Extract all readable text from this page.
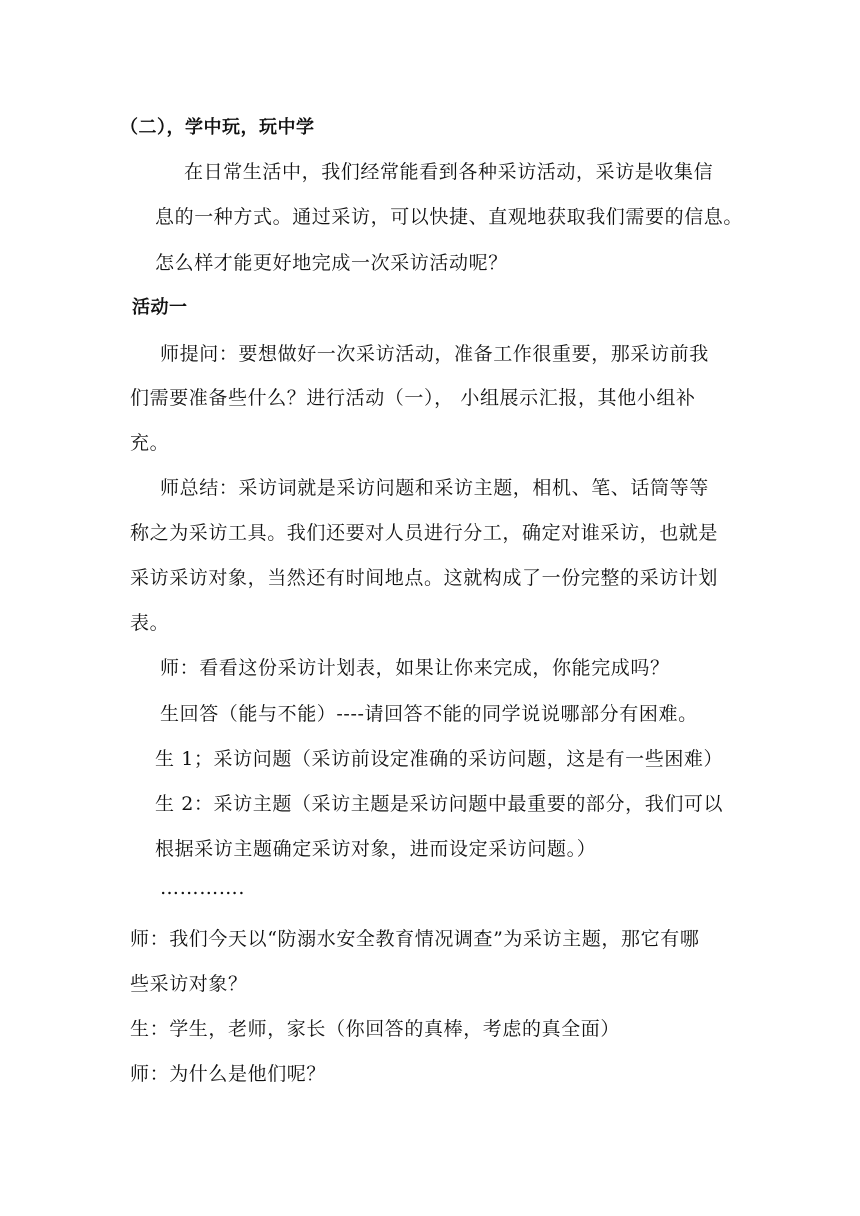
（二），学中玩，玩中学
在日常生活中，我们经常能看到各种采访活动，采访是收集信
息的一种方式。通过采访，可以快捷、直观地获取我们需要的信息。
怎么样才能更好地完成一次采访活动呢？
活动一
师提问：要想做好一次采访活动，准备工作很重要，那采访前我
们需要准备些什么？进行活动（一）， 小组展示汇报，其他小组补
充。
师总结：采访词就是采访问题和采访主题，相机、笔、话筒等等
称之为采访工具。我们还要对人员进行分工，确定对谁采访，也就是
采访采访对象，当然还有时间地点。这就构成了一份完整的采访计划
表。
师：看看这份采访计划表，如果让你来完成，你能完成吗？
生回答（能与不能）----请回答不能的同学说说哪部分有困难。
生 1；采访问题（采访前设定准确的采访问题，这是有一些困难）
生 2：采访主题（采访主题是采访问题中最重要的部分，我们可以
根据采访主题确定采访对象，进而设定采访问题。）
………….
师：我们今天以“防溺水安全教育情况调查”为采访主题，那它有哪
些采访对象？
生：学生，老师，家长（你回答的真棒，考虑的真全面）
师：为什么是他们呢？
